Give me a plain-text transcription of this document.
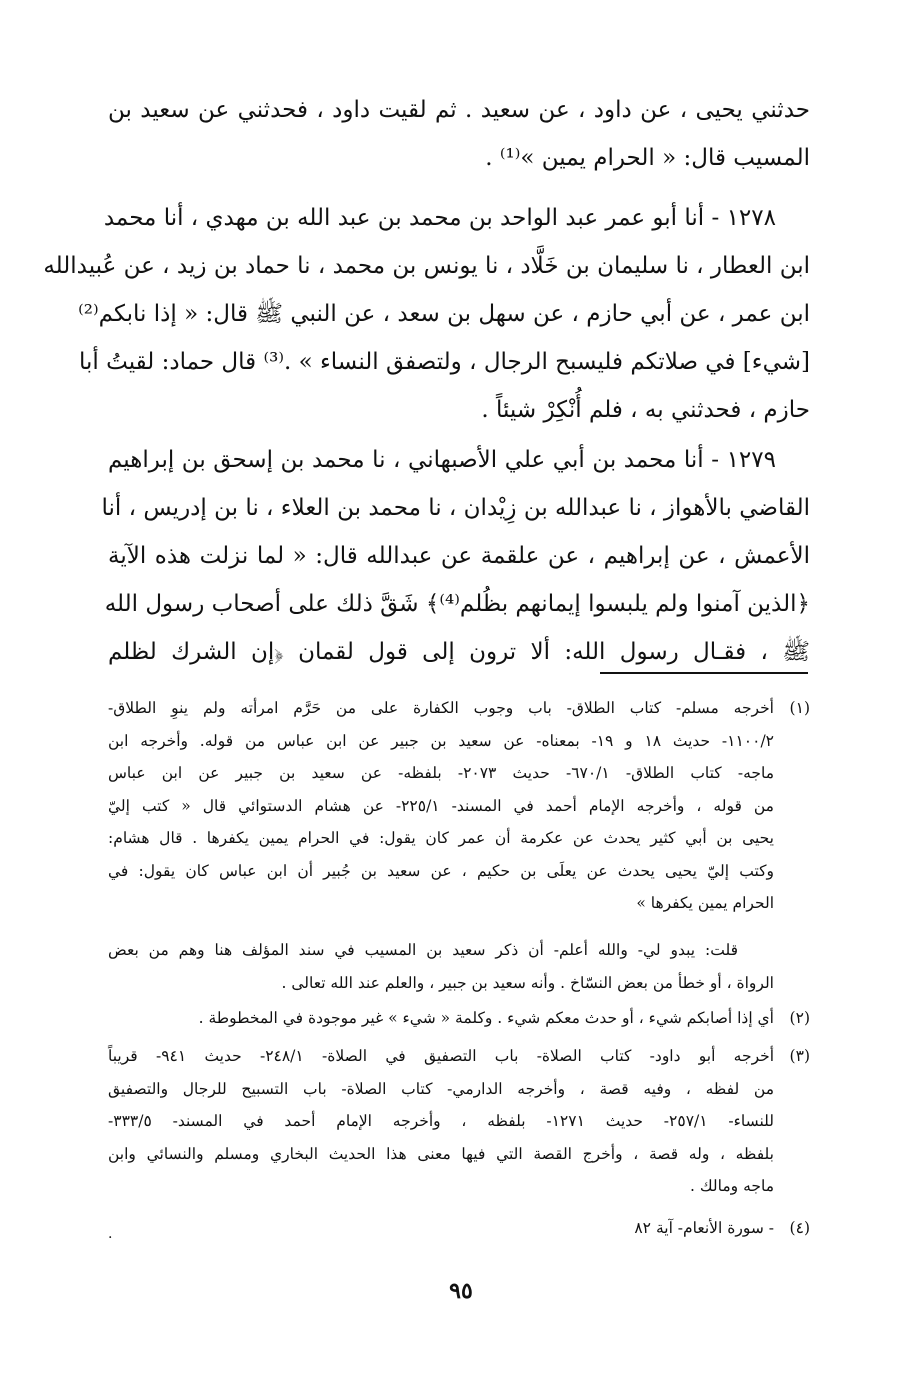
حدثني يحيى ، عن داود ، عن سعيد . ثم لقيت داود ، فحدثني عن سعيد بن
المسيب قال: « الحرام يمين »⁽¹⁾ .
١٢٧٨ - أنا أبو عمر عبد الواحد بن محمد بن عبد الله بن مهدي ، أنا محمد
ابن العطار ، نا سليمان بن خَلَّاد ، نا يونس بن محمد ، نا حماد بن زيد ، عن عُبيدالله
ابن عمر ، عن أبي حازم ، عن سهل بن سعد ، عن النبي ﷺ قال: « إذا نابكم⁽²⁾
[شيء] في صلاتكم فليسبح الرجال ، ولتصفق النساء » .⁽³⁾ قال حماد: لقيتُ أبا
حازم ، فحدثني به ، فلم أُنْكِرْ شيئاً .
١٢٧٩ - أنا محمد بن أبي علي الأصبهاني ، نا محمد بن إسحق بن إبراهيم
القاضي بالأهواز ، نا عبدالله بن زِيْدان ، نا محمد بن العلاء ، نا بن إدريس ، أنا
الأعمش ، عن إبراهيم ، عن علقمة عن عبدالله قال: « لما نزلت هذه الآية
﴿الذين آمنوا ولم يلبسوا إيمانهم بظُلم⁽⁴⁾﴾ شَقَّ ذلك على أصحاب رسول الله
ﷺ ، فقـال رسول الله: ألا ترون إلى قول لقمان ﴿إن الشرك لظلم
(١)
أخرجه مسلم- كتاب الطلاق- باب وجوب الكفارة على من حَرَّم امرأته ولم ينوِ الطلاق-
١١٠٠/٢- حديث ١٨ و ١٩- بمعناه- عن سعيد بن جبير عن ابن عباس من قوله. وأخرجه ابن
ماجه- كتاب الطلاق- ٦٧٠/١- حديث ٢٠٧٣- بلفظه- عن سعيد بن جبير عن ابن عباس
من قوله ، وأخرجه الإمام أحمد في المسند- ٢٢٥/١- عن هشام الدستوائي قال « كتب إليّ
يحيى بن أبي كثير يحدث عن عكرمة أن عمر كان يقول: في الحرام يمين يكفرها . قال هشام:
وكتب إليّ يحيى يحدث عن يعلَى بن حكيم ، عن سعيد بن جُبير أن ابن عباس كان يقول: في
الحرام يمين يكفرها »
قلت: يبدو لي- والله أعلم- أن ذكر سعيد بن المسيب في سند المؤلف هنا وهم من بعض
الرواة ، أو خطأ من بعض النسّاخ . وأنه سعيد بن جبير ، والعلم عند الله تعالى .
(٢)
أي إذا أصابكم شيء ، أو حدث معكم شيء . وكلمة « شيء » غير موجودة في المخطوطة .
(٣)
أخرجه أبو داود- كتاب الصلاة- باب التصفيق في الصلاة- ٢٤٨/١- حديث ٩٤١- قريباً
من لفظه ، وفيه قصة ، وأخرجه الدارمي- كتاب الصلاة- باب التسبيح للرجال والتصفيق
للنساء- ٢٥٧/١- حديث ١٢٧١- بلفظه ، وأخرجه الإمام أحمد في المسند- ٣٣٣/٥-
بلفظه ، وله قصة ، وأخرج القصة التي فيها معنى هذا الحديث البخاري ومسلم والنسائي وابن
ماجه ومالك .
(٤)
- سورة الأنعام- آية ٨٢
.
٩٥
